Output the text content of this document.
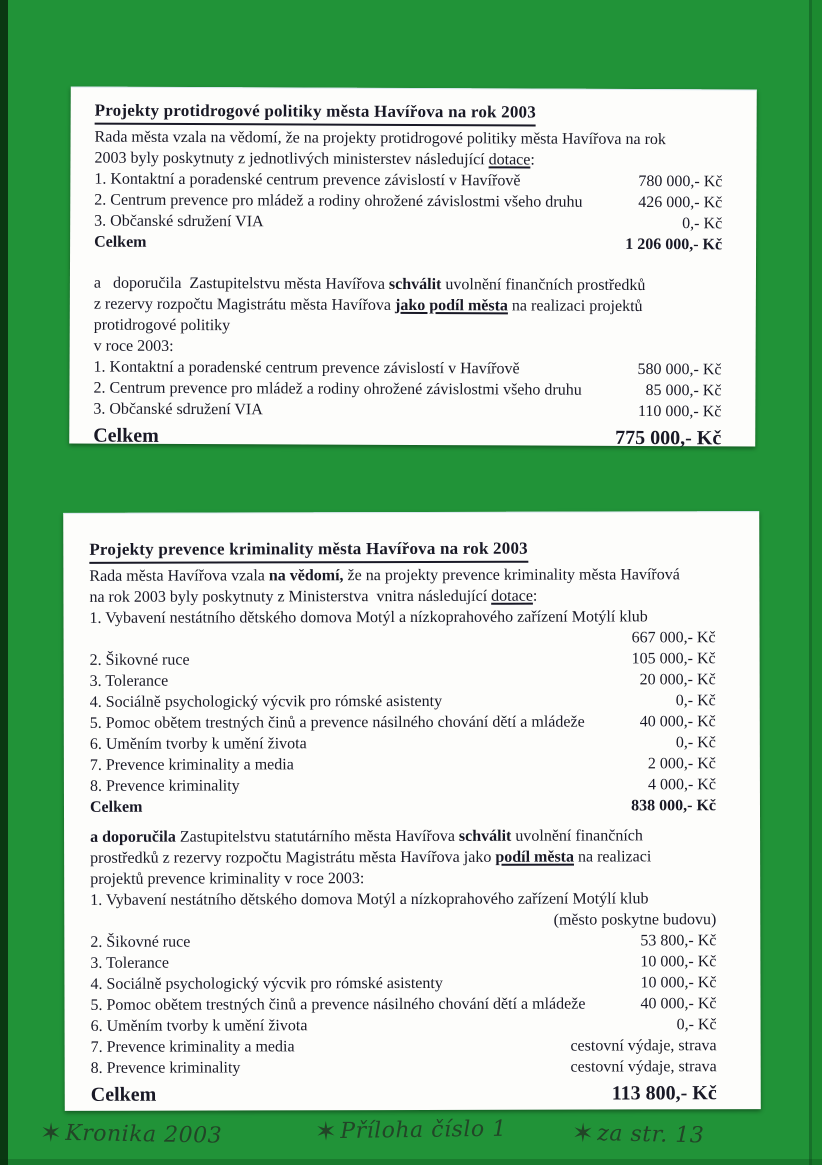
Projekty protidrogové politiky města Havířova na rok 2003

Rada města vzala na vědomí, že na projekty protidrogové politiky města Havířova na rok
2003 byly poskytnuty z jednotlivých ministerstev následující dotace:

1. Kontaktní a poradenské centrum prevence závislostí v Havířově	780 000,- Kč
2. Centrum prevence pro mládež a rodiny ohrožené závislostmi všeho druhu	426 000,- Kč
3. Občanské sdružení VIA	0,- Kč
Celkem	1 206 000,- Kč

a   doporučila  Zastupitelstvu města Havířova schválit uvolnění finančních prostředků
z rezervy rozpočtu Magistrátu města Havířova jako podíl města na realizaci projektů
protidrogové politiky
v roce 2003:

1. Kontaktní a poradenské centrum prevence závislostí v Havířově	580 000,- Kč
2. Centrum prevence pro mládež a rodiny ohrožené závislostmi všeho druhu	85 000,- Kč
3. Občanské sdružení VIA	110 000,- Kč
Celkem	775 000,- Kč
Projekty prevence kriminality města Havířova na rok 2003

Rada města Havířova vzala na vědomí, že na projekty prevence kriminality města Havířová
na rok 2003 byly poskytnuty z Ministerstva  vnitra následující dotace:

1. Vybavení nestátního dětského domova Motýl a nízkoprahového zařízení Motýlí klub
667 000,- Kč
2. Šikovné ruce	105 000,- Kč
3. Tolerance	20 000,- Kč
4. Sociálně psychologický výcvik pro rómské asistenty	0,- Kč
5. Pomoc obětem trestných činů a prevence násilného chování dětí a mládeže	40 000,- Kč
6. Uměním tvorby k umění života	0,- Kč
7. Prevence kriminality a media	2 000,- Kč
8. Prevence kriminality	4 000,- Kč
Celkem	838 000,- Kč

a doporučila Zastupitelstvu statutárního města Havířova schválit uvolnění finančních
prostředků z rezervy rozpočtu Magistrátu města Havířova jako podíl města na realizaci
projektů prevence kriminality v roce 2003:

1. Vybavení nestátního dětského domova Motýl a nízkoprahového zařízení Motýlí klub
(město poskytne budovu)
2. Šikovné ruce	53 800,- Kč
3. Tolerance	10 000,- Kč
4. Sociálně psychologický výcvik pro rómské asistenty	10 000,- Kč
5. Pomoc obětem trestných činů a prevence násilného chování dětí a mládeže	40 000,- Kč
6. Uměním tvorby k umění života	0,- Kč
7. Prevence kriminality a media	cestovní výdaje, strava
8. Prevence kriminality	cestovní výdaje, strava
Celkem	113 800,- Kč
✶ Kronika 2003	✶ Příloha číslo 1 ✶ za str. 13
